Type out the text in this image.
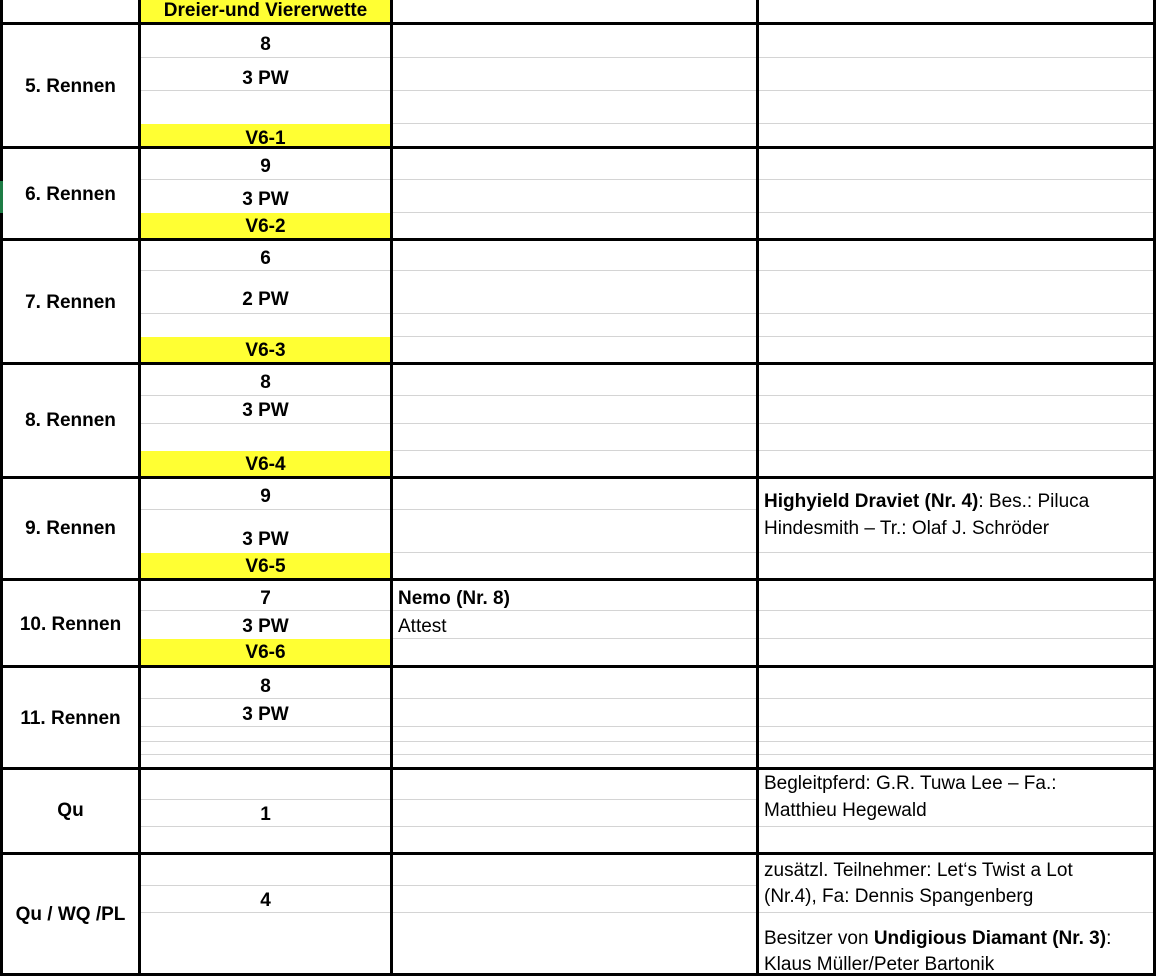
Dreier-und Viererwette
5. Rennen
8
3 PW
V6-1
6. Rennen
9
3 PW
V6-2
7. Rennen
6
2 PW
V6-3
8. Rennen
8
3 PW
V6-4
9. Rennen
9
3 PW
V6-5
Highyield Draviet (Nr. 4): Bes.: Piluca
Hindesmith – Tr.: Olaf J. Schröder
10. Rennen
7
3 PW
V6-6
Nemo (Nr. 8)
Attest
11. Rennen
8
3 PW
Qu	1
Begleitpferd: G.R. Tuwa Lee – Fa.:
Matthieu Hegewald
Qu / WQ /PL
4
zusätzl. Teilnehmer: Let‘s Twist a Lot
(Nr.4), Fa: Dennis Spangenberg
Besitzer von Undigious Diamant (Nr. 3):
Klaus Müller/Peter Bartonik
